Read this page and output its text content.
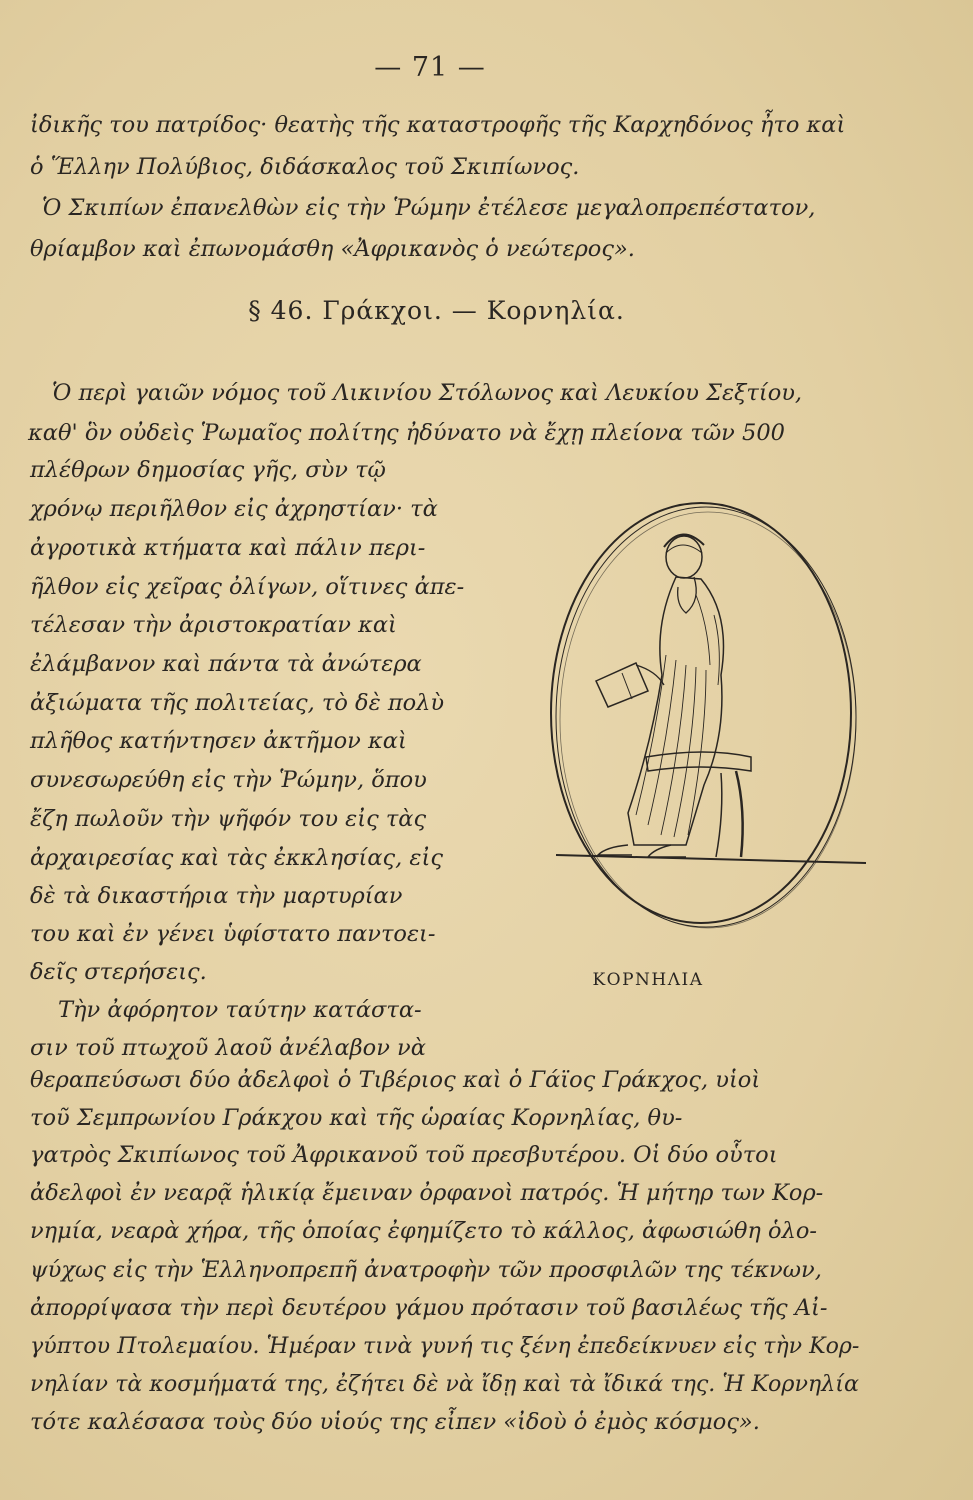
— 71 —
ἰδικῆς του πατρίδος· θεατὴς τῆς καταστροφῆς τῆς Καρχηδόνος ἦτο καὶ
ὁ Ἕλλην Πολύβιος, διδάσκαλος τοῦ Σκιπίωνος.
Ὁ Σκιπίων ἐπανελθὼν εἰς τὴν Ῥώμην ἐτέλεσε μεγαλοπρεπέστατον,
θρίαμβον καὶ ἐπωνομάσθη «Ἀφρικανὸς ὁ νεώτερος».
§ 46. Γράκχοι. — Κορνηλία.
Ὁ περὶ γαιῶν νόμος τοῦ Λικινίου Στόλωνος καὶ Λευκίου Σεξτίου,
καθ' ὃν οὐδεὶς Ῥωμαῖος πολίτης ἠδύνατο νὰ ἔχῃ πλείονα τῶν 500
πλέθρων δημοσίας γῆς, σὺν τῷ
χρόνῳ περιῆλθον εἰς ἀχρηστίαν· τὰ
ἀγροτικὰ κτήματα καὶ πάλιν περι-
ῆλθον εἰς χεῖρας ὀλίγων, οἵτινες ἀπε-
τέλεσαν τὴν ἀριστοκρατίαν καὶ
ἐλάμβανον καὶ πάντα τὰ ἀνώτερα
ἀξιώματα τῆς πολιτείας, τὸ δὲ πολὺ
πλῆθος κατήντησεν ἀκτῆμον καὶ
συνεσωρεύθη εἰς τὴν Ῥώμην, ὅπου
ἔζη πωλοῦν τὴν ψῆφόν του εἰς τὰς
ἀρχαιρεσίας καὶ τὰς ἐκκλησίας, εἰς
δὲ τὰ δικαστήρια τὴν μαρτυρίαν
του καὶ ἐν γένει ὑφίστατο παντοει-
δεῖς στερήσεις.
Τὴν ἀφόρητον ταύτην κατάστα-
σιν τοῦ πτωχοῦ λαοῦ ἀνέλαβον νὰ
ΚΟΡΝΗΛΙΑ
θεραπεύσωσι δύο ἀδελφοὶ ὁ Τιβέριος καὶ ὁ Γάϊος Γράκχος, υἱοὶ
τοῦ Σεμπρωνίου Γράκχου καὶ τῆς ὡραίας Κορνηλίας, θυ-
γατρὸς Σκιπίωνος τοῦ Ἀφρικανοῦ τοῦ πρεσβυτέρου. Οἱ δύο οὗτοι
ἀδελφοὶ ἐν νεαρᾷ ἡλικίᾳ ἔμειναν ὀρφανοὶ πατρός. Ἡ μήτηρ των Κορ-
νημία, νεαρὰ χήρα, τῆς ὁποίας ἐφημίζετο τὸ κάλλος, ἀφωσιώθη ὁλο-
ψύχως εἰς τὴν Ἑλληνοπρεπῆ ἀνατροφὴν τῶν προσφιλῶν της τέκνων,
ἀπορρίψασα τὴν περὶ δευτέρου γάμου πρότασιν τοῦ βασιλέως τῆς Αἰ-
γύπτου Πτολεμαίου. Ἡμέραν τινὰ γυνή τις ξένη ἐπεδείκνυεν εἰς τὴν Κορ-
νηλίαν τὰ κοσμήματά της, ἐζήτει δὲ νὰ ἴδῃ καὶ τὰ ἴδικά της. Ἡ Κορνηλία
τότε καλέσασα τοὺς δύο υἱούς της εἶπεν «ἰδοὺ ὁ ἐμὸς κόσμος».
